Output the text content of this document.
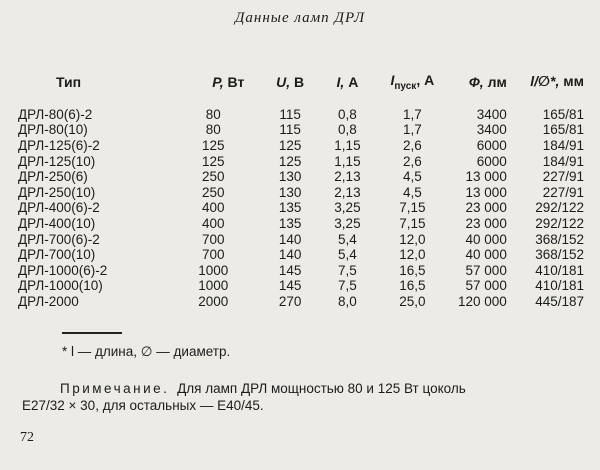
Данные ламп ДРЛ
Тип	P, Вт	U, В	I, А	$I_{пуск}$, А	Ф, лм	l/∅*, мм
ДРЛ-80(6)-2	80	115	0,8	1,7	3400	165/81
ДРЛ-80(10)	80	115	0,8	1,7	3400	165/81
ДРЛ-125(6)-2	125	125	1,15	2,6	6000	184/91
ДРЛ-125(10)	125	125	1,15	2,6	6000	184/91
ДРЛ-250(6)	250	130	2,13	4,5	13 000	227/91
ДРЛ-250(10)	250	130	2,13	4,5	13 000	227/91
ДРЛ-400(6)-2	400	135	3,25	7,15	23 000	292/122
ДРЛ-400(10)	400	135	3,25	7,15	23 000	292/122
ДРЛ-700(6)-2	700	140	5,4	12,0	40 000	368/152
ДРЛ-700(10)	700	140	5,4	12,0	40 000	368/152
ДРЛ-1000(6)-2	1000	145	7,5	16,5	57 000	410/181
ДРЛ-1000(10)	1000	145	7,5	16,5	57 000	410/181
ДРЛ-2000	2000	270	8,0	25,0	120 000	445/187
* l — длина, ∅ — диаметр.
Примечание. Для ламп ДРЛ мощностью 80 и 125 Вт цоколь
Е27/32 × 30, для остальных — Е40/45.
72
